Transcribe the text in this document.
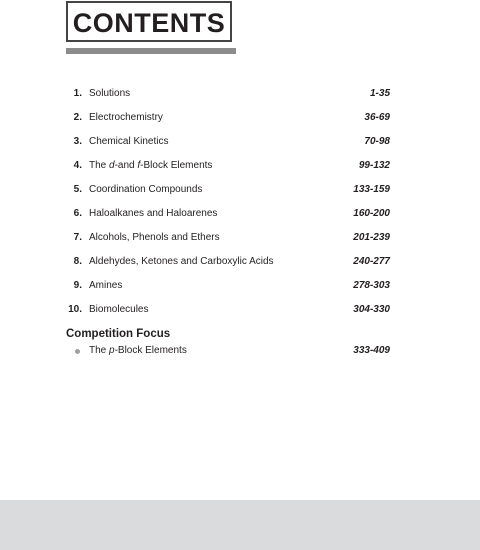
CONTENTS
1. Solutions	1-35
2. Electrochemistry	36-69
3. Chemical Kinetics	70-98
4. The d-and f-Block Elements	99-132
5. Coordination Compounds	133-159
6. Haloalkanes and Haloarenes	160-200
7. Alcohols, Phenols and Ethers	201-239
8. Aldehydes, Ketones and Carboxylic Acids	240-277
9. Amines	278-303
10. Biomolecules	304-330
Competition Focus
The p-Block Elements	333-409
